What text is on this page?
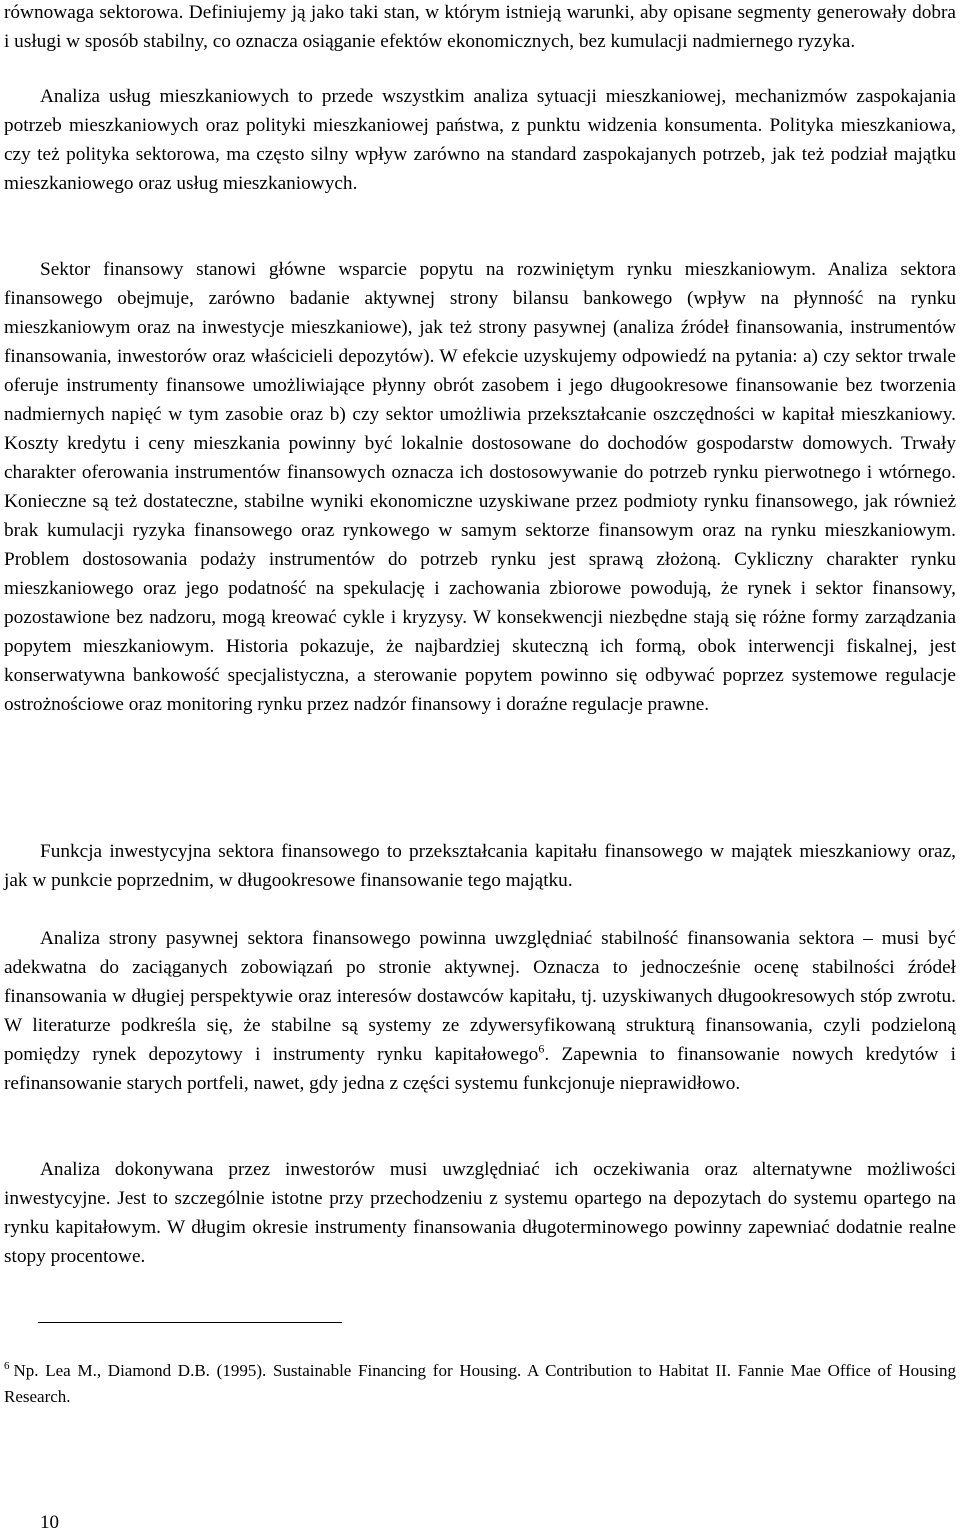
równowaga sektorowa. Definiujemy ją jako taki stan, w którym istnieją warunki, aby opisane segmenty generowały dobra i usługi w sposób stabilny, co oznacza osiąganie efektów ekonomicznych, bez kumulacji nadmiernego ryzyka.

Analiza usług mieszkaniowych to przede wszystkim analiza sytuacji mieszkaniowej, mechanizmów zaspokajania potrzeb mieszkaniowych oraz polityki mieszkaniowej państwa, z punktu widzenia konsumenta. Polityka mieszkaniowa, czy też polityka sektorowa, ma często silny wpływ zarówno na standard zaspokajanych potrzeb, jak też podział majątku mieszkaniowego oraz usług mieszkaniowych.

Sektor finansowy stanowi główne wsparcie popytu na rozwiniętym rynku mieszkaniowym. Analiza sektora finansowego obejmuje, zarówno badanie aktywnej strony bilansu bankowego (wpływ na płynność na rynku mieszkaniowym oraz na inwestycje mieszkaniowe), jak też strony pasywnej (analiza źródeł finansowania, instrumentów finansowania, inwestorów oraz właścicieli depozytów). W efekcie uzyskujemy odpowiedź na pytania: a) czy sektor trwale oferuje instrumenty finansowe umożliwiające płynny obrót zasobem i jego długookresowe finansowanie bez tworzenia nadmiernych napięć w tym zasobie oraz b) czy sektor umożliwia przekształcanie oszczędności w kapitał mieszkaniowy. Koszty kredytu i ceny mieszkania powinny być lokalnie dostosowane do dochodów gospodarstw domowych. Trwały charakter oferowania instrumentów finansowych oznacza ich dostosowywanie do potrzeb rynku pierwotnego i wtórnego. Konieczne są też dostateczne, stabilne wyniki ekonomiczne uzyskiwane przez podmioty rynku finansowego, jak również brak kumulacji ryzyka finansowego oraz rynkowego w samym sektorze finansowym oraz na rynku mieszkaniowym. Problem dostosowania podaży instrumentów do potrzeb rynku jest sprawą złożoną. Cykliczny charakter rynku mieszkaniowego oraz jego podatność na spekulację i zachowania zbiorowe powodują, że rynek i sektor finansowy, pozostawione bez nadzoru, mogą kreować cykle i kryzysy. W konsekwencji niezbędne stają się różne formy zarządzania popytem mieszkaniowym. Historia pokazuje, że najbardziej skuteczną ich formą, obok interwencji fiskalnej, jest konserwatywna bankowość specjalistyczna, a sterowanie popytem powinno się odbywać poprzez systemowe regulacje ostrożnościowe oraz monitoring rynku przez nadzór finansowy i doraźne regulacje prawne.

Funkcja inwestycyjna sektora finansowego to przekształcania kapitału finansowego w majątek mieszkaniowy oraz, jak w punkcie poprzednim, w długookresowe finansowanie tego majątku.

Analiza strony pasywnej sektora finansowego powinna uwzględniać stabilność finansowania sektora – musi być adekwatna do zaciąganych zobowiązań po stronie aktywnej. Oznacza to jednocześnie ocenę stabilności źródeł finansowania w długiej perspektywie oraz interesów dostawców kapitału, tj. uzyskiwanych długookresowych stóp zwrotu. W literaturze podkreśla się, że stabilne są systemy ze zdywersyfikowaną strukturą finansowania, czyli podzieloną pomiędzy rynek depozytowy i instrumenty rynku kapitałowego$^6$. Zapewnia to finansowanie nowych kredytów i refinansowanie starych portfeli, nawet, gdy jedna z części systemu funkcjonuje nieprawidłowo.

Analiza dokonywana przez inwestorów musi uwzględniać ich oczekiwania oraz alternatywne możliwości inwestycyjne. Jest to szczególnie istotne przy przechodzeniu z systemu opartego na depozytach do systemu opartego na rynku kapitałowym. W długim okresie instrumenty finansowania długoterminowego powinny zapewniać dodatnie realne stopy procentowe.

$^6$ Np. Lea M., Diamond D.B. (1995). Sustainable Financing for Housing. A Contribution to Habitat II. Fannie Mae Office of Housing Research.
10
